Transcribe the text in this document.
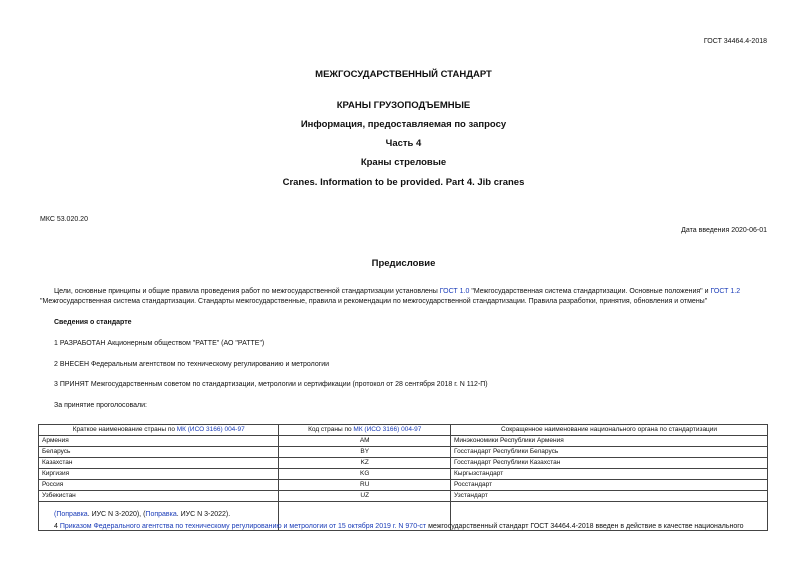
ГОСТ 34464.4-2018
МЕЖГОСУДАРСТВЕННЫЙ СТАНДАРТ
КРАНЫ ГРУЗОПОДЪЕМНЫЕ
Информация, предоставляемая по запросу
Часть 4
Краны стреловые
Cranes. Information to be provided. Part 4. Jib cranes
МКС 53.020.20
Дата введения 2020-06-01
Предисловие
Цели, основные принципы и общие правила проведения работ по межгосударственной стандартизации установлены ГОСТ 1.0 "Межгосударственная система стандартизации. Основные положения" и ГОСТ 1.2 "Межгосударственная система стандартизации. Стандарты межгосударственные, правила и рекомендации по межгосударственной стандартизации. Правила разработки, принятия, обновления и отмены"
Сведения о стандарте
1 РАЗРАБОТАН Акционерным обществом "РАТТЕ" (АО "РАТТЕ")
2 ВНЕСЕН Федеральным агентством по техническому регулированию и метрологии
3 ПРИНЯТ Межгосударственным советом по стандартизации, метрологии и сертификации (протокол от 28 сентября 2018 г. N 112-П)
За принятие проголосовали:
Краткое наименование страны по МК (ИСО 3166) 004-97	Код страны по МК (ИСО 3166) 004-97	Сокращенное наименование национального органа по стандартизации
Армения	AM	Минэкономики Республики Армения
Беларусь	BY	Госстандарт Республики Беларусь
Казахстан	KZ	Госстандарт Республики Казахстан
Киргизия	KG	Кыргызстандарт
Россия	RU	Росстандарт
Узбекистан	UZ	Узстандарт

(Поправка. ИУС N 3-2020), (Поправка. ИУС N 3-2022).
4 Приказом Федерального агентства по техническому регулированию и метрологии от 15 октября 2019 г. N 970-ст межгосударственный стандарт ГОСТ 34464.4-2018 введен в действие в качестве национального
